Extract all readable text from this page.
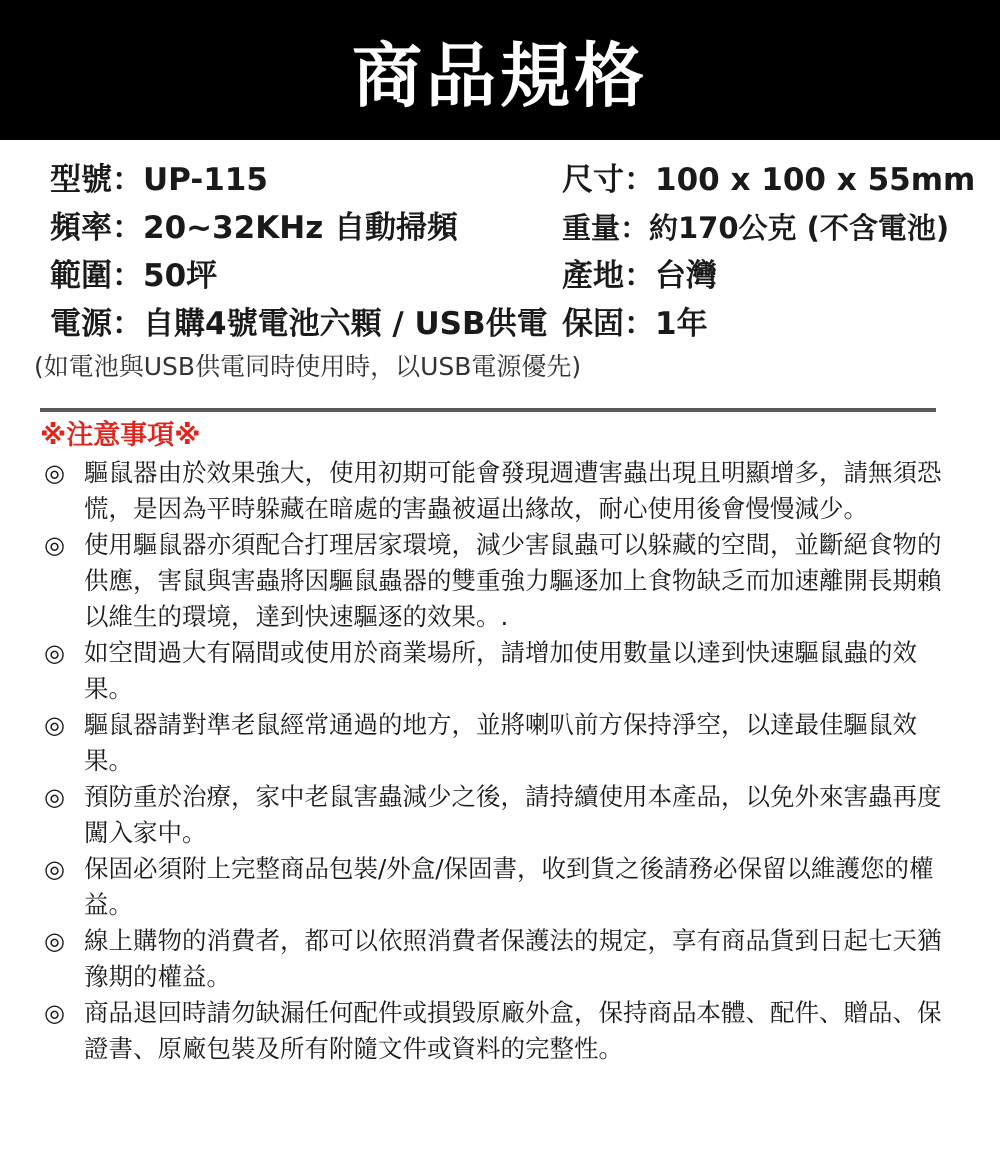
商品規格
型號：UP-115
頻率：20~32KHz 自動掃頻
範圍：50坪
電源：自購4號電池六顆 / USB供電
尺寸：100 x 100 x 55mm
重量：約170公克 (不含電池)
產地：台灣
保固：1年
(如電池與USB供電同時使用時，以USB電源優先)
※注意事項※
◎ 驅鼠器由於效果強大，使用初期可能會發現週遭害蟲出現且明顯增多，請無須恐慌，是因為平時躲藏在暗處的害蟲被逼出緣故，耐心使用後會慢慢減少。
◎ 使用驅鼠器亦須配合打理居家環境，減少害鼠蟲可以躲藏的空間，並斷絕食物的供應，害鼠與害蟲將因驅鼠蟲器的雙重強力驅逐加上食物缺乏而加速離開長期賴以維生的環境，達到快速驅逐的效果。.
◎ 如空間過大有隔間或使用於商業場所，請增加使用數量以達到快速驅鼠蟲的效果。
◎ 驅鼠器請對準老鼠經常通過的地方，並將喇叭前方保持淨空，以達最佳驅鼠效果。
◎ 預防重於治療，家中老鼠害蟲減少之後，請持續使用本產品，以免外來害蟲再度闖入家中。
◎ 保固必須附上完整商品包裝/外盒/保固書，收到貨之後請務必保留以維護您的權益。
◎ 線上購物的消費者，都可以依照消費者保護法的規定，享有商品貨到日起七天猶豫期的權益。
◎ 商品退回時請勿缺漏任何配件或損毀原廠外盒，保持商品本體、配件、贈品、保證書、原廠包裝及所有附隨文件或資料的完整性。
